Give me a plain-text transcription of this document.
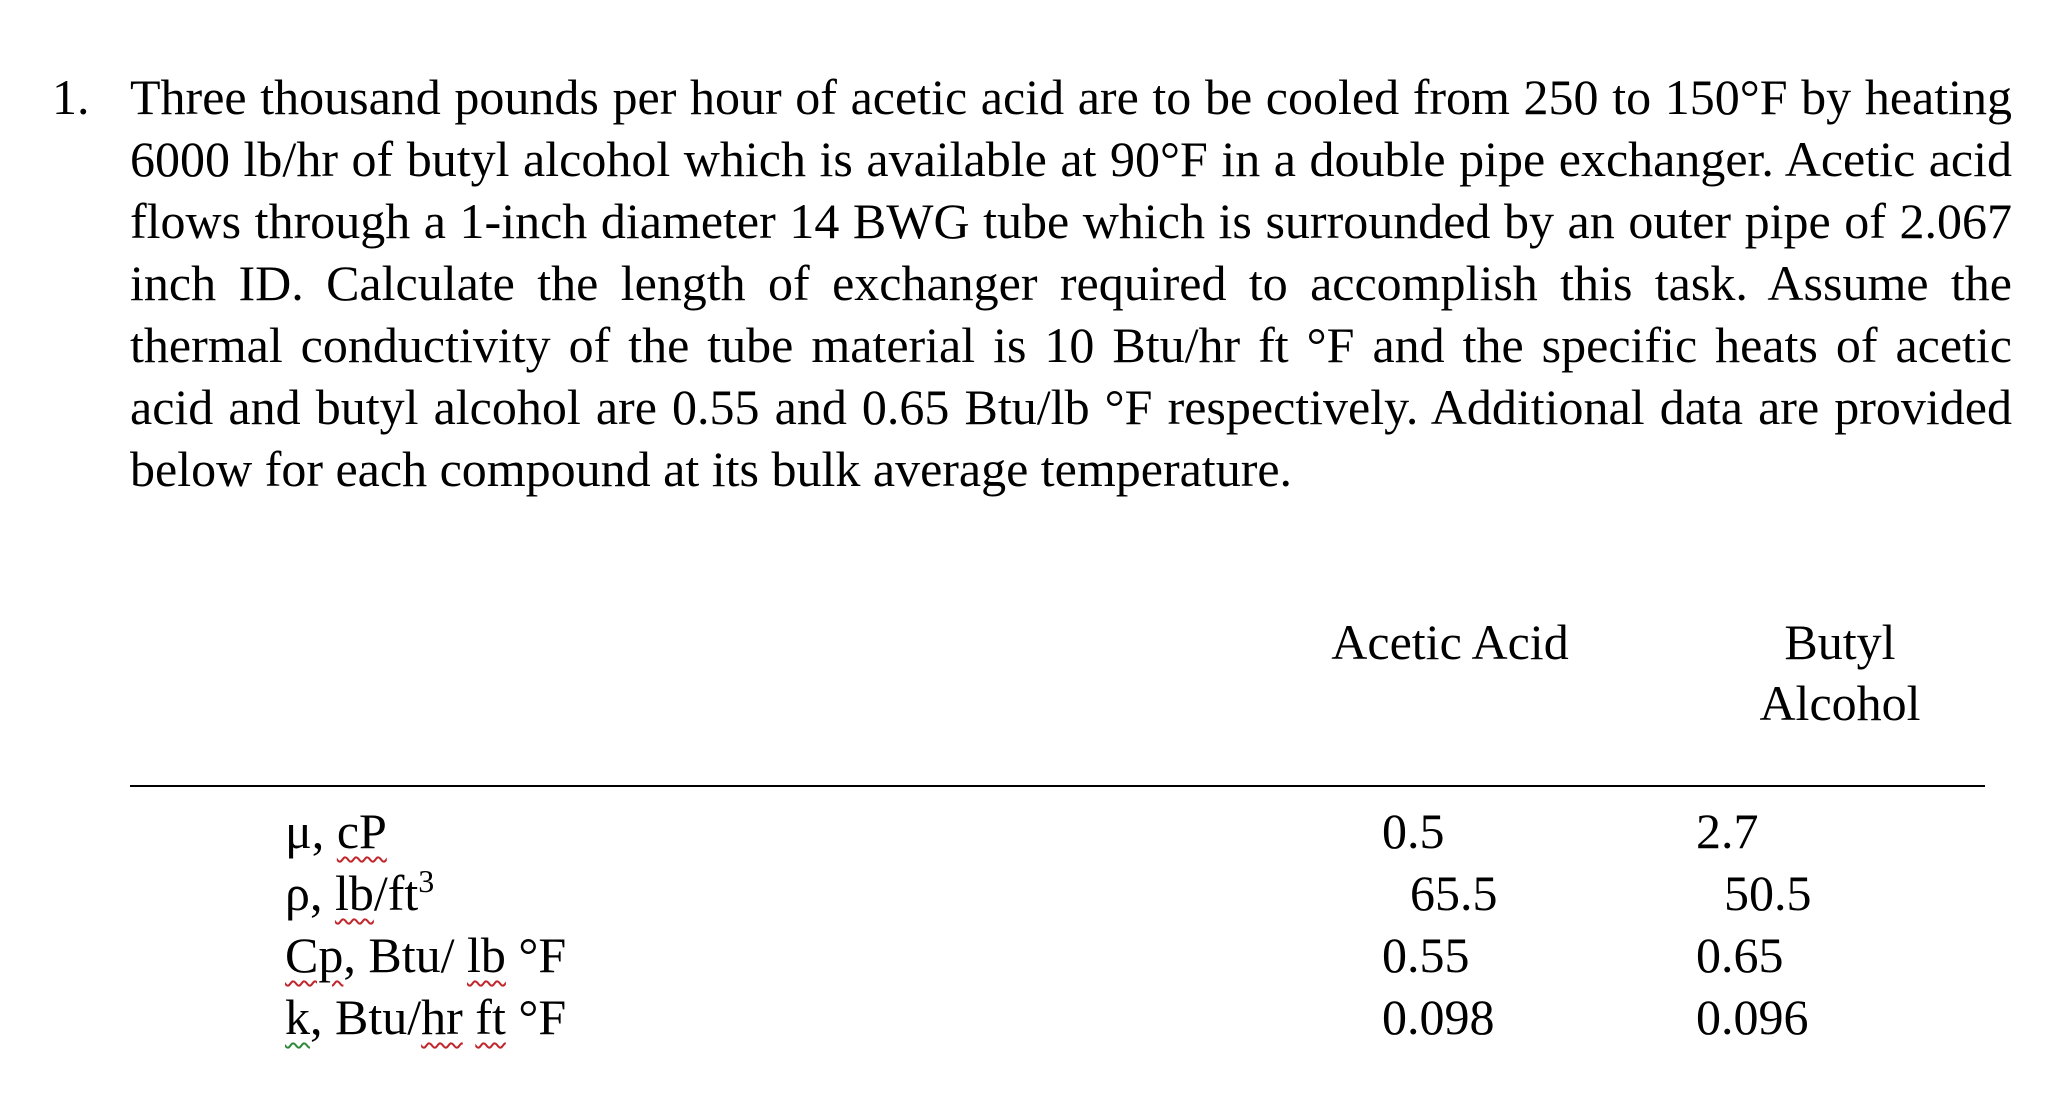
1. Three thousand pounds per hour of acetic acid are to be cooled from 250 to 150°F by heating 6000 lb/hr of butyl alcohol which is available at 90°F in a double pipe exchanger. Acetic acid flows through a 1-inch diameter 14 BWG tube which is surrounded by an outer pipe of 2.067 inch ID. Calculate the length of exchanger required to accomplish this task. Assume the thermal conductivity of the tube material is 10 Btu/hr ft °F and the specific heats of acetic acid and butyl alcohol are 0.55 and 0.65 Btu/lb °F respectively. Additional data are provided below for each compound at its bulk average temperature.
Acetic Acid	Butyl
Alcohol
μ, cP	0.5	2.7
ρ, $lb/ft^3$	65.5	50.5
Cp, Btu/ lb °F	0.55	0.65
k, Btu/hr ft °F	0.098	0.096
